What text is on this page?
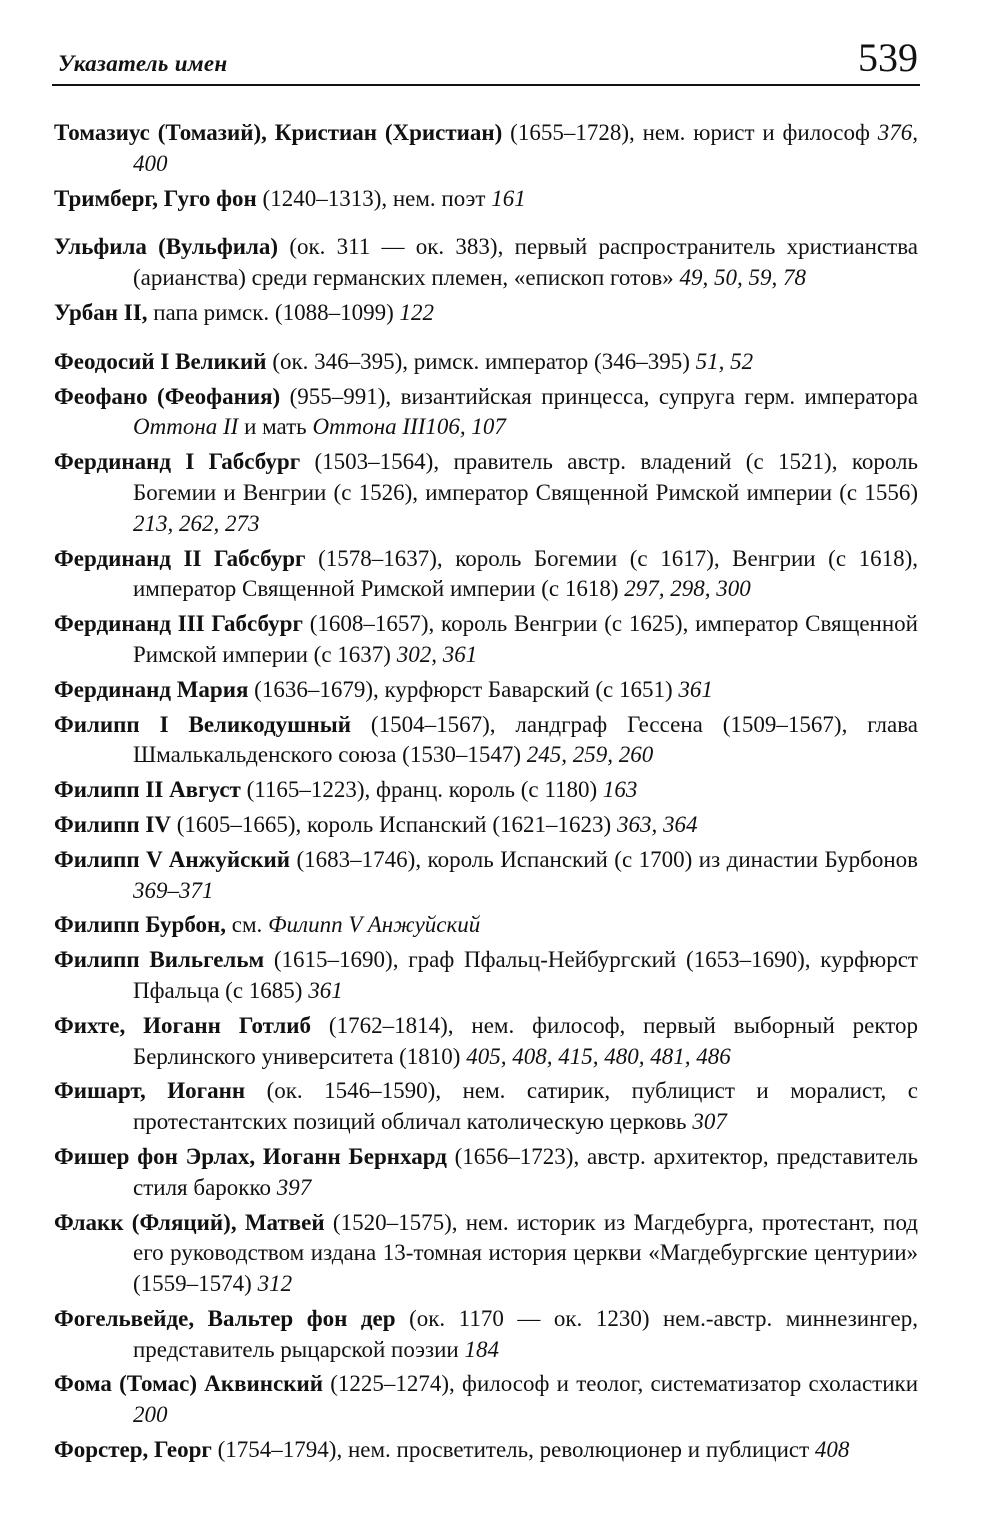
Указатель имен	539

Томазиус (Томазий), Кристиан (Христиан) (1655–1728), нем. юрист и философ 376, 400

Тримберг, Гуго фон (1240–1313), нем. поэт 161

Ульфила (Вульфила) (ок. 311 — ок. 383), первый распространитель христианства (арианства) среди германских племен, «епископ готов» 49, 50, 59, 78

Урбан II, папа римск. (1088–1099) 122

Феодосий I Великий (ок. 346–395), римск. император (346–395) 51, 52

Феофано (Феофания) (955–991), византийская принцесса, супруга герм. императора Оттона II и мать Оттона III106, 107

Фердинанд I Габсбург (1503–1564), правитель австр. владений (с 1521), король Богемии и Венгрии (с 1526), император Священной Римской империи (с 1556) 213, 262, 273

Фердинанд II Габсбург (1578–1637), король Богемии (с 1617), Венгрии (с 1618), император Священной Римской империи (с 1618) 297, 298, 300

Фердинанд III Габсбург (1608–1657), король Венгрии (с 1625), император Священной Римской империи (с 1637) 302, 361

Фердинанд Мария (1636–1679), курфюрст Баварский (с 1651) 361

Филипп I Великодушный (1504–1567), ландграф Гессена (1509–1567), глава Шмалькальденского союза (1530–1547) 245, 259, 260

Филипп II Август (1165–1223), франц. король (с 1180) 163

Филипп IV (1605–1665), король Испанский (1621–1623) 363, 364

Филипп V Анжуйский (1683–1746), король Испанский (с 1700) из династии Бурбонов 369–371

Филипп Бурбон, см. Филипп V Анжуйский

Филипп Вильгельм (1615–1690), граф Пфальц-Нейбургский (1653–1690), курфюрст Пфальца (с 1685) 361

Фихте, Иоганн Готлиб (1762–1814), нем. философ, первый выборный ректор Берлинского университета (1810) 405, 408, 415, 480, 481, 486

Фишарт, Иоганн (ок. 1546–1590), нем. сатирик, публицист и моралист, с протестантских позиций обличал католическую церковь 307

Фишер фон Эрлах, Иоганн Бернхард (1656–1723), австр. архитектор, представитель стиля барокко 397

Флакк (Фляций), Матвей (1520–1575), нем. историк из Магдебурга, протестант, под его руководством издана 13-томная история церкви «Магдебургские центурии» (1559–1574) 312

Фогельвейде, Вальтер фон дер (ок. 1170 — ок. 1230) нем.-австр. миннезингер, представитель рыцарской поэзии 184

Фома (Томас) Аквинский (1225–1274), философ и теолог, систематизатор схоластики 200

Форстер, Георг (1754–1794), нем. просветитель, революционер и публицист 408
